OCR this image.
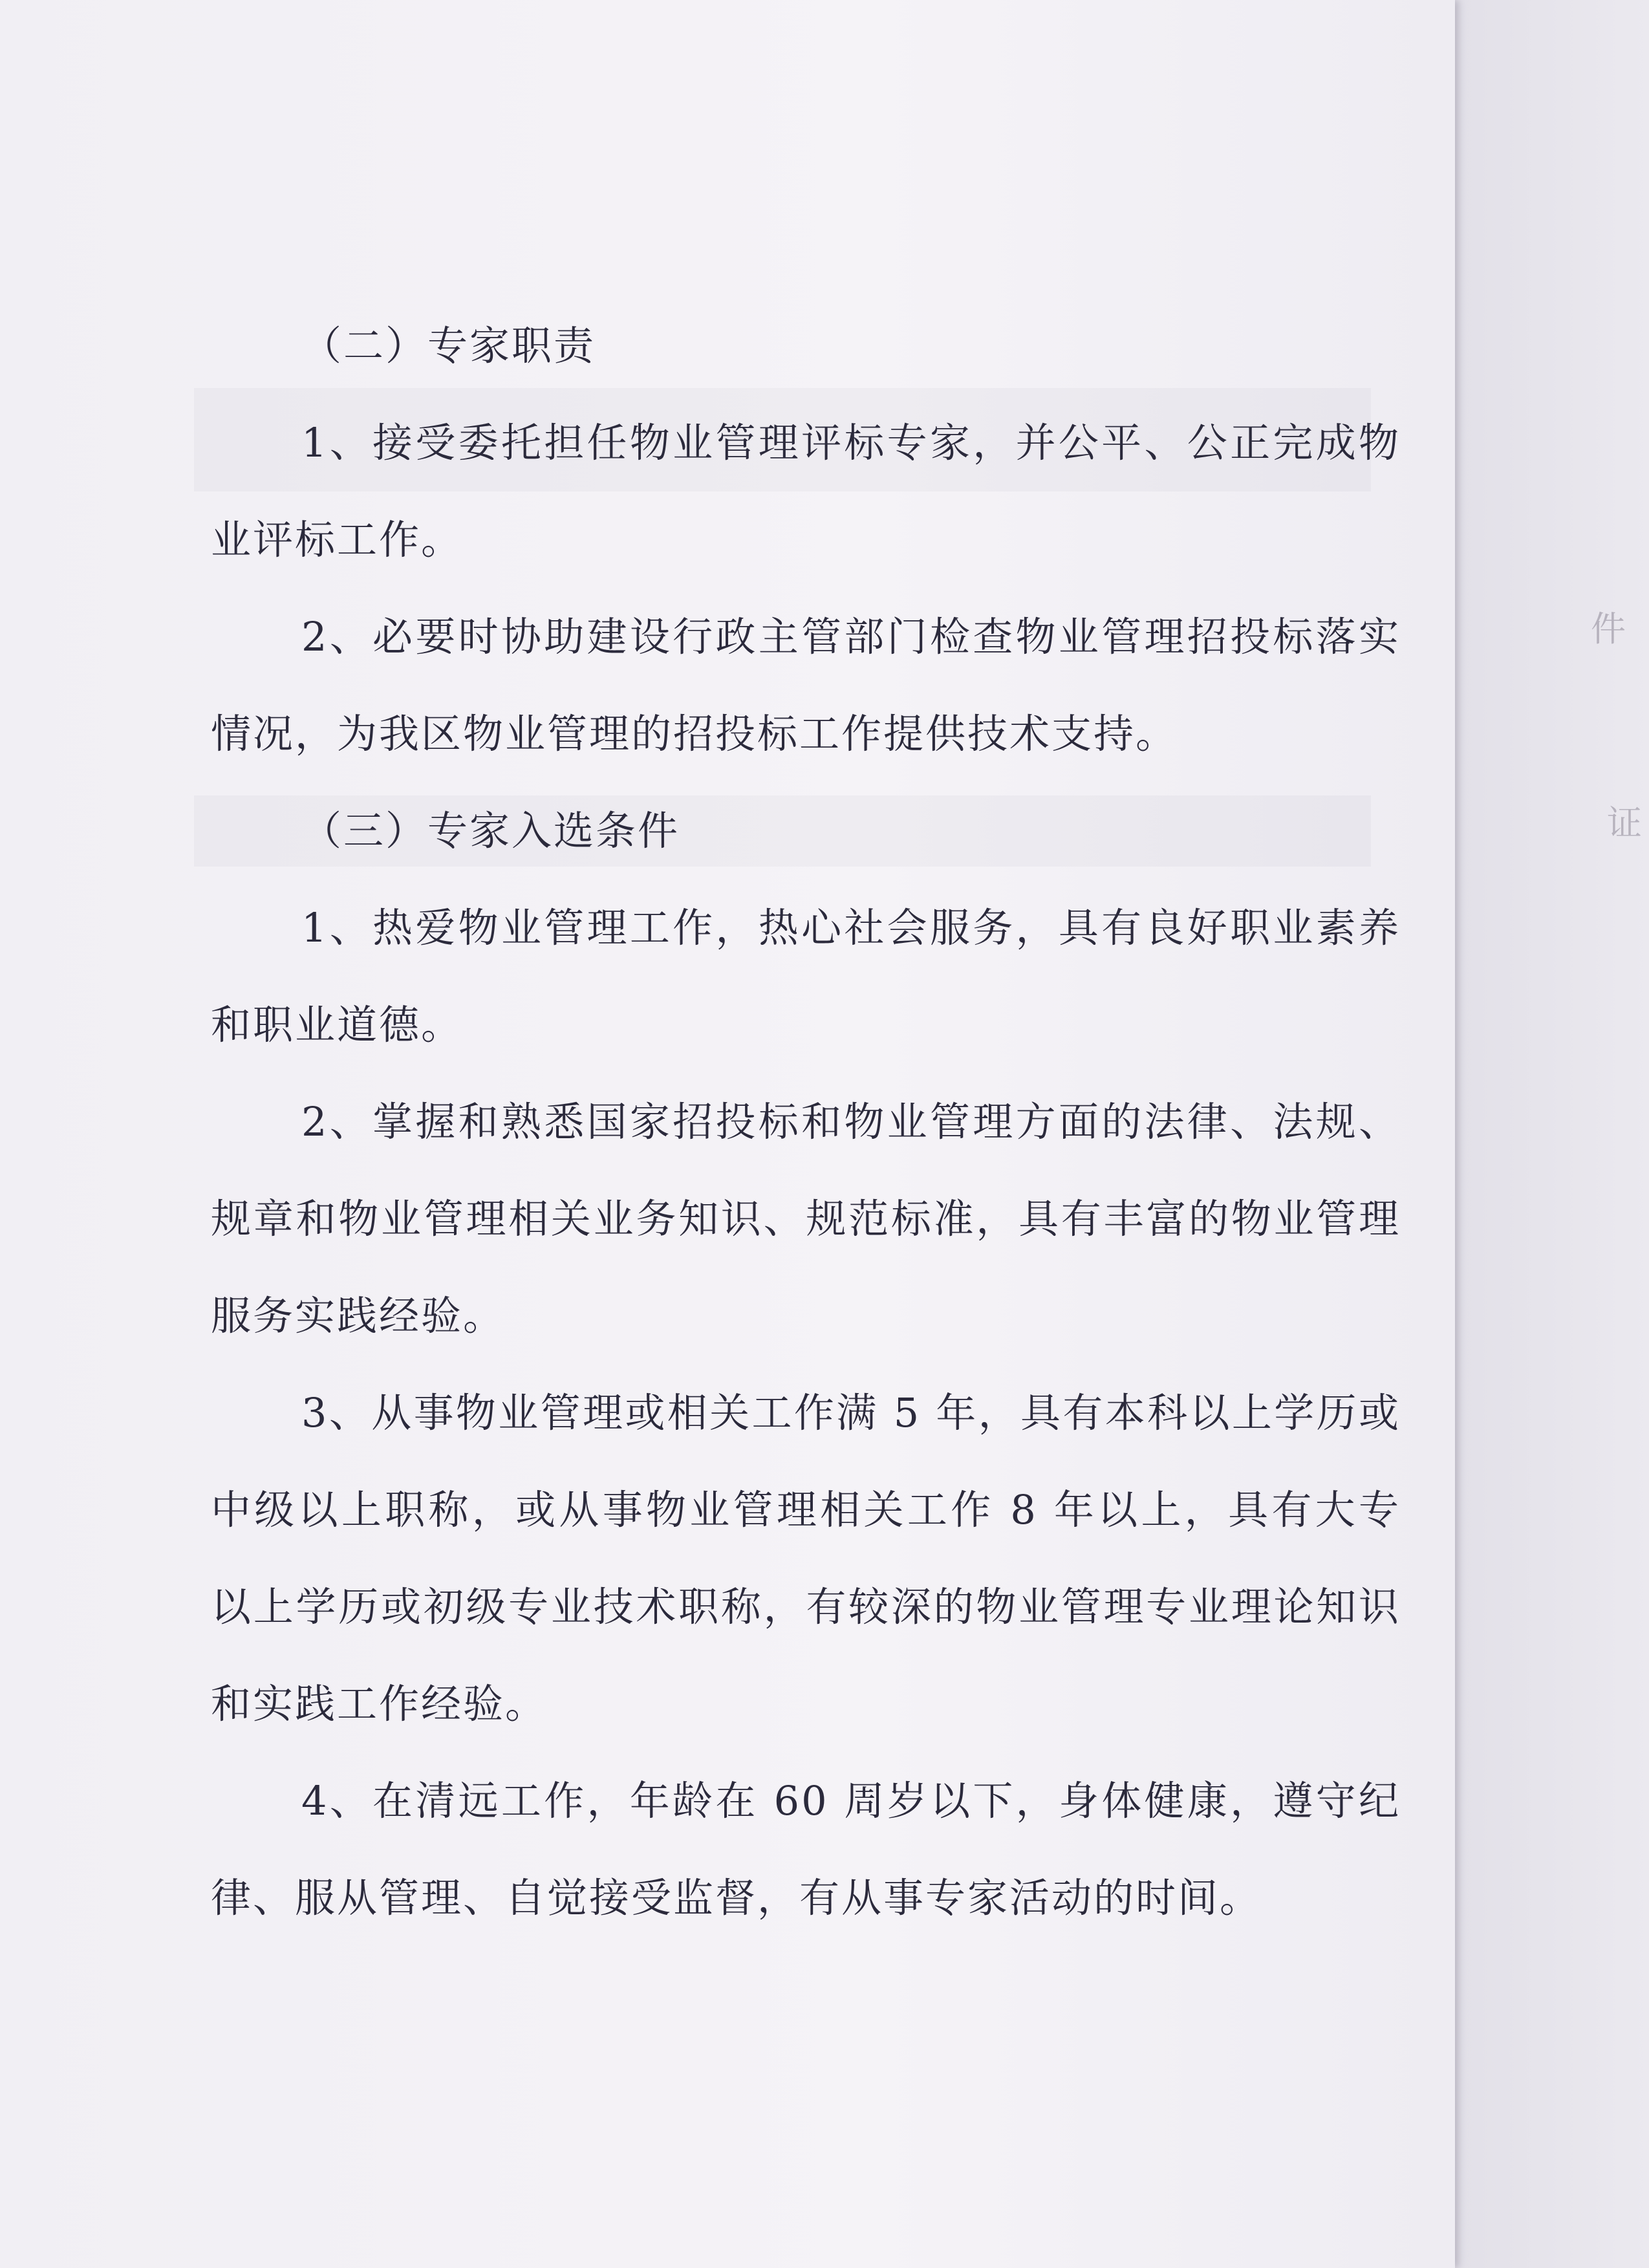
件
证

（二）专家职责

1、接受委托担任物业管理评标专家，并公平、公正完成物业评标工作。

2、必要时协助建设行政主管部门检查物业管理招投标落实情况，为我区物业管理的招投标工作提供技术支持。

（三）专家入选条件

1、热爱物业管理工作，热心社会服务，具有良好职业素养和职业道德。

2、掌握和熟悉国家招投标和物业管理方面的法律、法规、规章和物业管理相关业务知识、规范标准，具有丰富的物业管理服务实践经验。

3、从事物业管理或相关工作满 5 年，具有本科以上学历或中级以上职称，或从事物业管理相关工作 8 年以上，具有大专以上学历或初级专业技术职称，有较深的物业管理专业理论知识和实践工作经验。

4、在清远工作，年龄在 60 周岁以下，身体健康，遵守纪律、服从管理、自觉接受监督，有从事专家活动的时间。
